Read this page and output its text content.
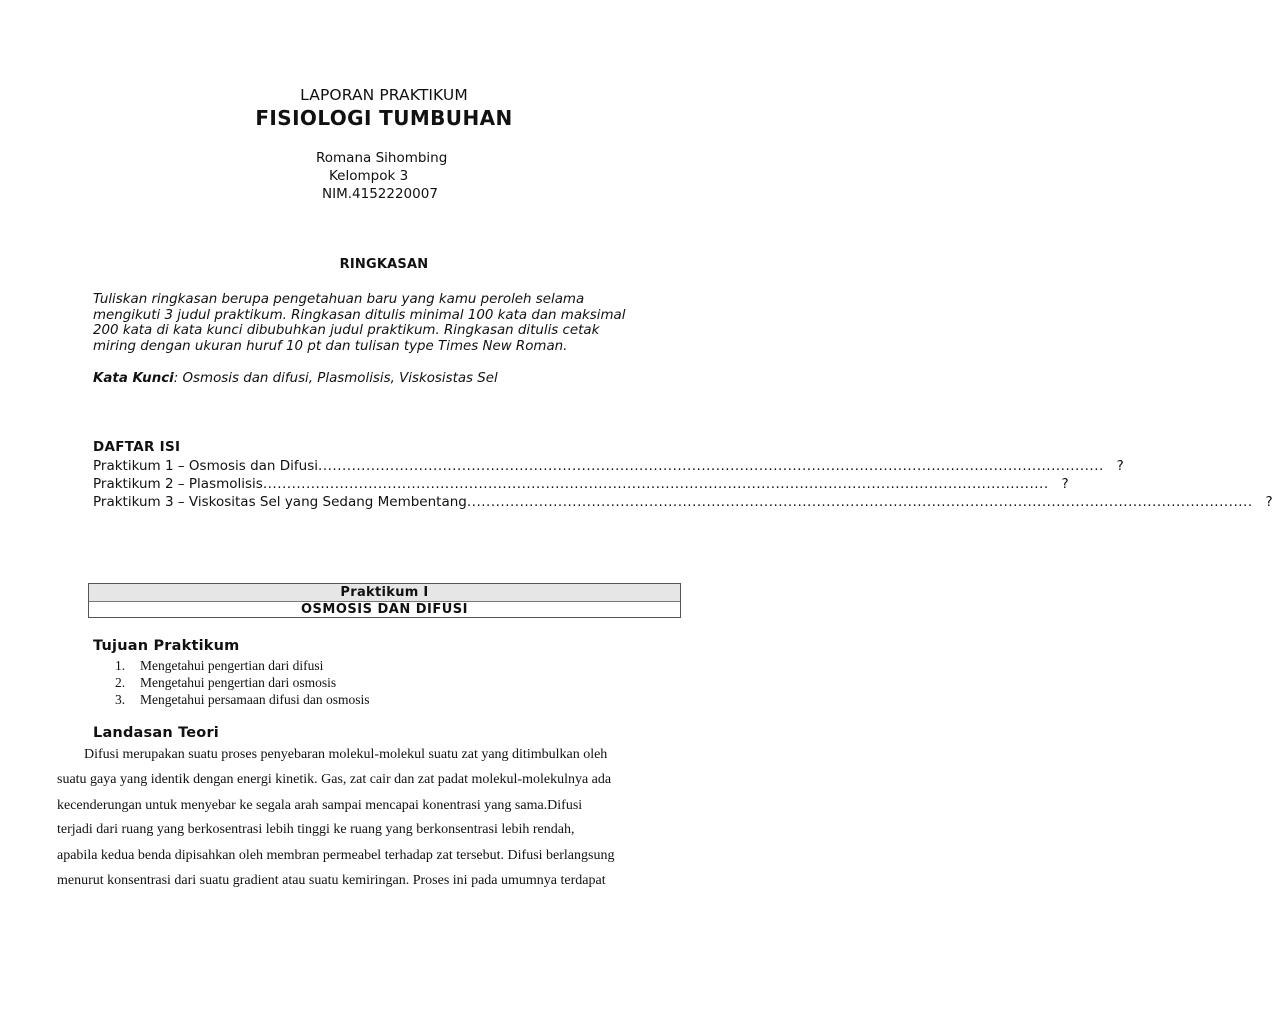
LAPORAN PRAKTIKUM
FISIOLOGI TUMBUHAN
Romana Sihombing
Kelompok 3
NIM.4152220007
RINGKASAN
Tuliskan ringkasan berupa pengetahuan baru yang kamu peroleh selama
mengikuti 3 judul praktikum. Ringkasan ditulis minimal 100 kata dan maksimal
200 kata di kata kunci dibubuhkan judul praktikum. Ringkasan ditulis cetak
miring dengan ukuran huruf 10 pt dan tulisan type Times New Roman.
Kata Kunci: Osmosis dan difusi, Plasmolisis, Viskosistas Sel
DAFTAR ISI
Praktikum 1 – Osmosis dan Difusi .................................................................................................................................................................... ?
Praktikum 2 – Plasmolisis .................................................................................................................................................................... ?
Praktikum 3 – Viskositas Sel yang Sedang Membentang .................................................................................................................................................................... ?
Praktikum I
OSMOSIS DAN DIFUSI
Tujuan Praktikum
1. Mengetahui pengertian dari difusi
2. Mengetahui pengertian dari osmosis
3. Mengetahui persamaan difusi dan osmosis
Landasan Teori
Difusi merupakan suatu proses penyebaran molekul-molekul suatu zat yang ditimbulkan oleh
suatu gaya yang identik dengan energi kinetik. Gas, zat cair dan zat padat molekul-molekulnya ada
kecenderungan untuk menyebar ke segala arah sampai mencapai konentrasi yang sama.Difusi
terjadi dari ruang yang berkosentrasi lebih tinggi ke ruang yang berkonsentrasi lebih rendah,
apabila kedua benda dipisahkan oleh membran permeabel terhadap zat tersebut. Difusi berlangsung
menurut konsentrasi dari suatu gradient atau suatu kemiringan. Proses ini pada umumnya terdapat
